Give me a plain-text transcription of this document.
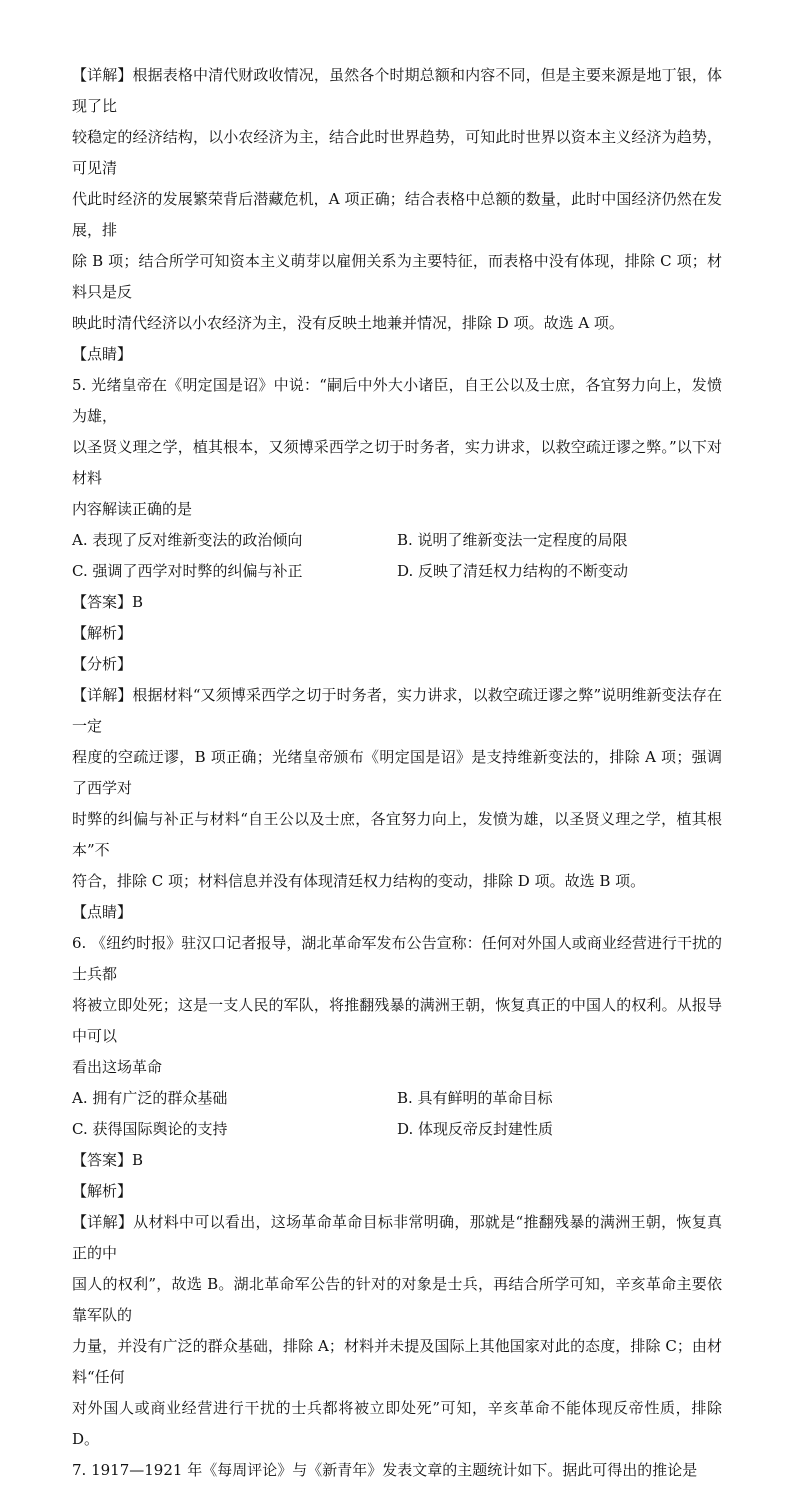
【详解】根据表格中清代财政收情况，虽然各个时期总额和内容不同，但是主要来源是地丁银，体现了比

较稳定的经济结构，以小农经济为主，结合此时世界趋势，可知此时世界以资本主义经济为趋势，可见清

代此时经济的发展繁荣背后潜藏危机，A 项正确；结合表格中总额的数量，此时中国经济仍然在发展，排

除 B 项；结合所学可知资本主义萌芽以雇佣关系为主要特征，而表格中没有体现，排除 C 项；材料只是反

映此时清代经济以小农经济为主，没有反映土地兼并情况，排除 D 项。故选 A 项。

【点睛】

5. 光绪皇帝在《明定国是诏》中说：“嗣后中外大小诸臣，自王公以及士庶，各宜努力向上，发愤为雄，

以圣贤义理之学，植其根本，又须博采西学之切于时务者，实力讲求，以救空疏迂谬之弊。”以下对材料

内容解读正确的是

A. 表现了反对维新变法的政治倾向	B. 说明了维新变法一定程度的局限

C. 强调了西学对时弊的纠偏与补正	D. 反映了清廷权力结构的不断变动

【答案】B

【解析】

【分析】

【详解】根据材料“又须博采西学之切于时务者，实力讲求，以救空疏迂谬之弊”说明维新变法存在一定

程度的空疏迂谬，B 项正确；光绪皇帝颁布《明定国是诏》是支持维新变法的，排除 A 项；强调了西学对

时弊的纠偏与补正与材料“自王公以及士庶，各宜努力向上，发愤为雄，以圣贤义理之学，植其根本”不

符合，排除 C 项；材料信息并没有体现清廷权力结构的变动，排除 D 项。故选 B 项。

【点睛】

6. 《纽约时报》驻汉口记者报导，湖北革命军发布公告宣称：任何对外国人或商业经营进行干扰的士兵都

将被立即处死；这是一支人民的军队，将推翻残暴的满洲王朝，恢复真正的中国人的权利。从报导中可以

看出这场革命

A. 拥有广泛的群众基础	B. 具有鲜明的革命目标

C. 获得国际舆论的支持	D. 体现反帝反封建性质

【答案】B

【解析】

【详解】从材料中可以看出，这场革命革命目标非常明确，那就是“推翻残暴的满洲王朝，恢复真正的中

国人的权利”，故选 B。湖北革命军公告的针对的对象是士兵，再结合所学可知，辛亥革命主要依靠军队的

力量，并没有广泛的群众基础，排除 A；材料并未提及国际上其他国家对此的态度，排除 C；由材料“任何

对外国人或商业经营进行干扰的士兵都将被立即处死”可知，辛亥革命不能体现反帝性质，排除 D。

7. 1917—1921 年《每周评论》与《新青年》发表文章的主题统计如下。据此可得出的推论是
